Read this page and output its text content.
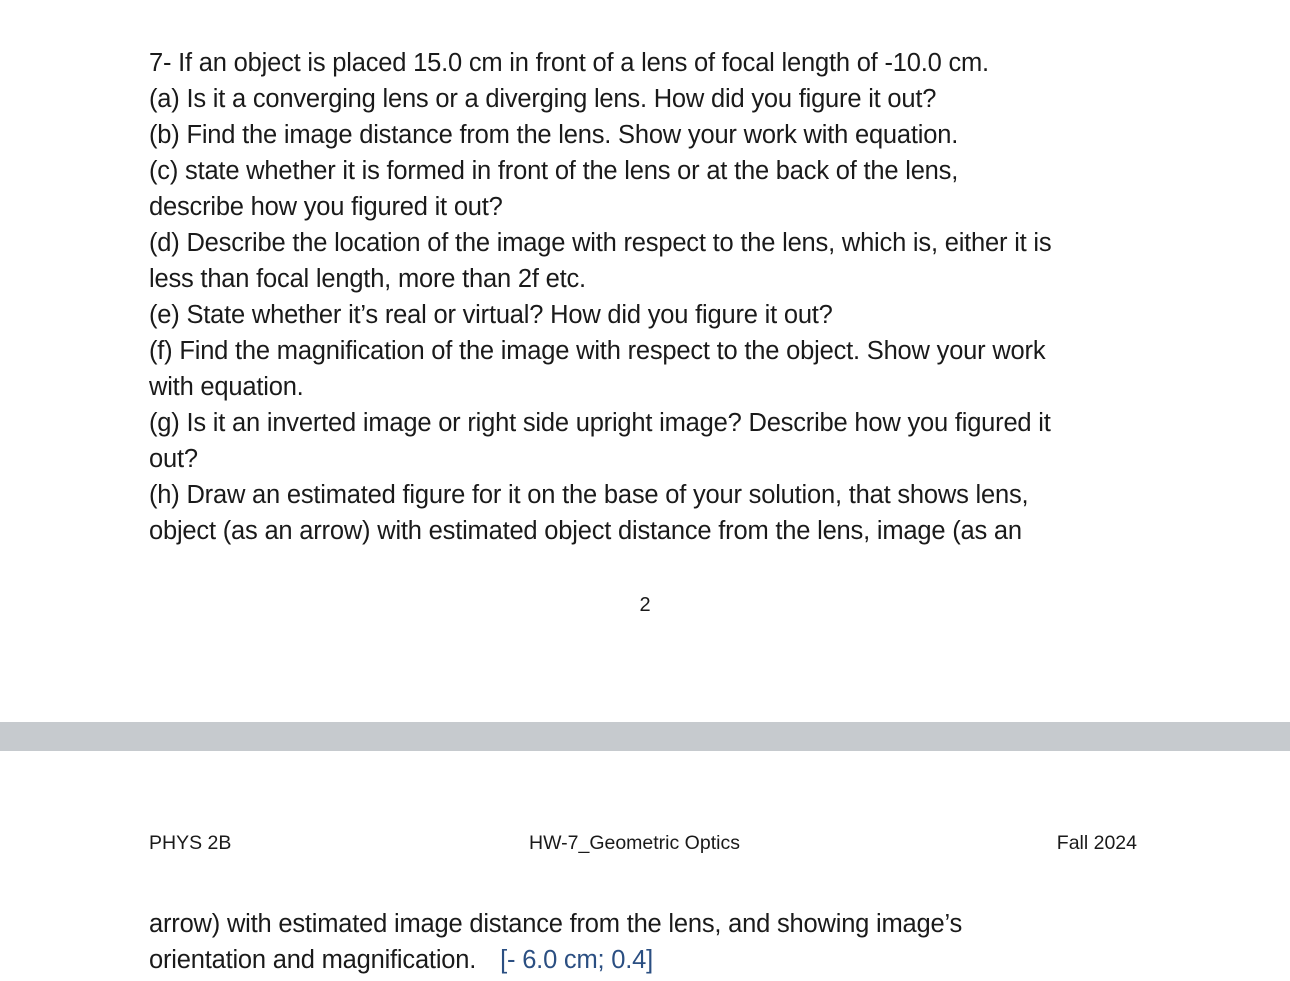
7- If an object is placed 15.0 cm in front of a lens of focal length of -10.0 cm.

(a) Is it a converging lens or a diverging lens. How did you figure it out?

(b) Find the image distance from the lens. Show your work with equation.

(c) state whether it is formed in front of the lens or at the back of the lens,

describe how you figured it out?

(d) Describe the location of the image with respect to the lens, which is, either it is

less than focal length, more than 2f etc.

(e) State whether it’s real or virtual? How did you figure it out?

(f) Find the magnification of the image with respect to the object. Show your work

with equation.

(g) Is it an inverted image or right side upright image? Describe how you figured it

out?

(h) Draw an estimated figure for it on the base of your solution, that shows lens,

object (as an arrow) with estimated object distance from the lens, image (as an

2
PHYS 2B	HW-7_Geometric Optics	Fall 2024

arrow) with estimated image distance from the lens, and showing image’s

orientation and magnification. [- 6.0 cm; 0.4]
